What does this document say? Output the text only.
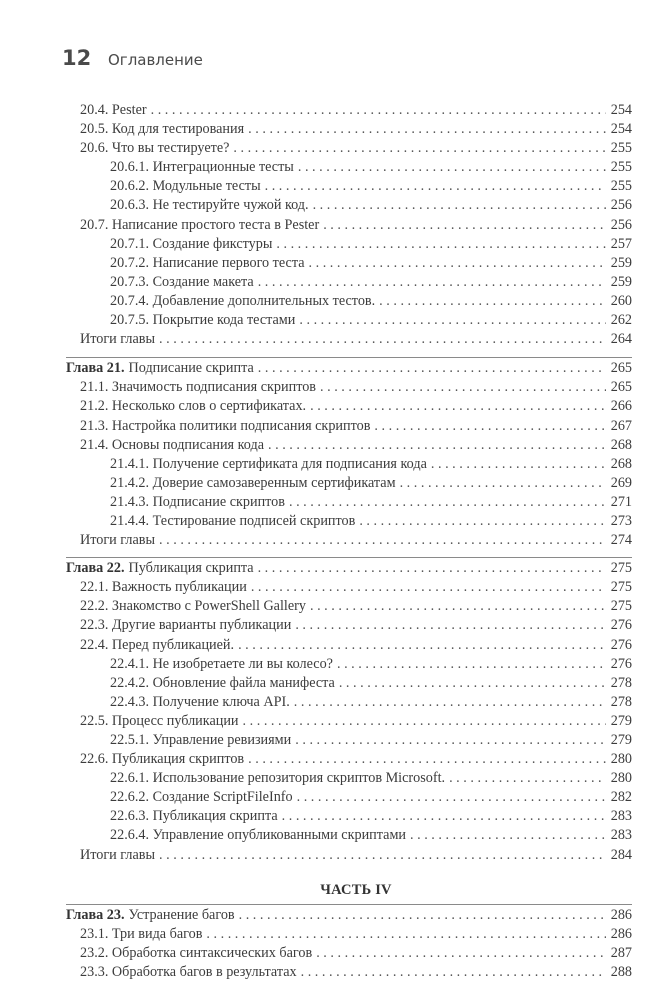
12	Оглавление
20.4. Pester . . .	254
20.5. Код для тестирования . . .	254
20.6. Что вы тестируете? . . .	255
20.6.1. Интеграционные тесты . . .	255
20.6.2. Модульные тесты . . .	255
20.6.3. Не тестируйте чужой код. . . .	256
20.7. Написание простого теста в Pester . . .	256
20.7.1. Создание фикстуры . . .	257
20.7.2. Написание первого теста . . .	259
20.7.3. Создание макета . . .	259
20.7.4. Добавление дополнительных тестов. . . .	260
20.7.5. Покрытие кода тестами . . .	262
Итоги главы . . .	264
Глава 21. Подписание скрипта . . .	265
21.1. Значимость подписания скриптов . . .	265
21.2. Несколько слов о сертификатах. . . .	266
21.3. Настройка политики подписания скриптов . . .	267
21.4. Основы подписания кода . . .	268
21.4.1. Получение сертификата для подписания кода . . .	268
21.4.2. Доверие самозаверенным сертификатам . . .	269
21.4.3. Подписание скриптов . . .	271
21.4.4. Тестирование подписей скриптов . . .	273
Итоги главы . . .	274
Глава 22. Публикация скрипта . . .	275
22.1. Важность публикации . . .	275
22.2. Знакомство с PowerShell Gallery . . .	275
22.3. Другие варианты публикации . . .	276
22.4. Перед публикацией. . . .	276
22.4.1. Не изобретаете ли вы колесо? . . .	276
22.4.2. Обновление файла манифеста . . .	278
22.4.3. Получение ключа API. . . .	278
22.5. Процесс публикации . . .	279
22.5.1. Управление ревизиями . . .	279
22.6. Публикация скриптов . . .	280
22.6.1. Использование репозитория скриптов Microsoft. . . .	280
22.6.2. Создание ScriptFileInfo . . .	282
22.6.3. Публикация скрипта . . .	283
22.6.4. Управление опубликованными скриптами . . .	283
Итоги главы . . .	284
ЧАСТЬ IV
Глава 23. Устранение багов . . .	286
23.1. Три вида багов . . .	286
23.2. Обработка синтаксических багов . . .	287
23.3. Обработка багов в результатах . . .	288
